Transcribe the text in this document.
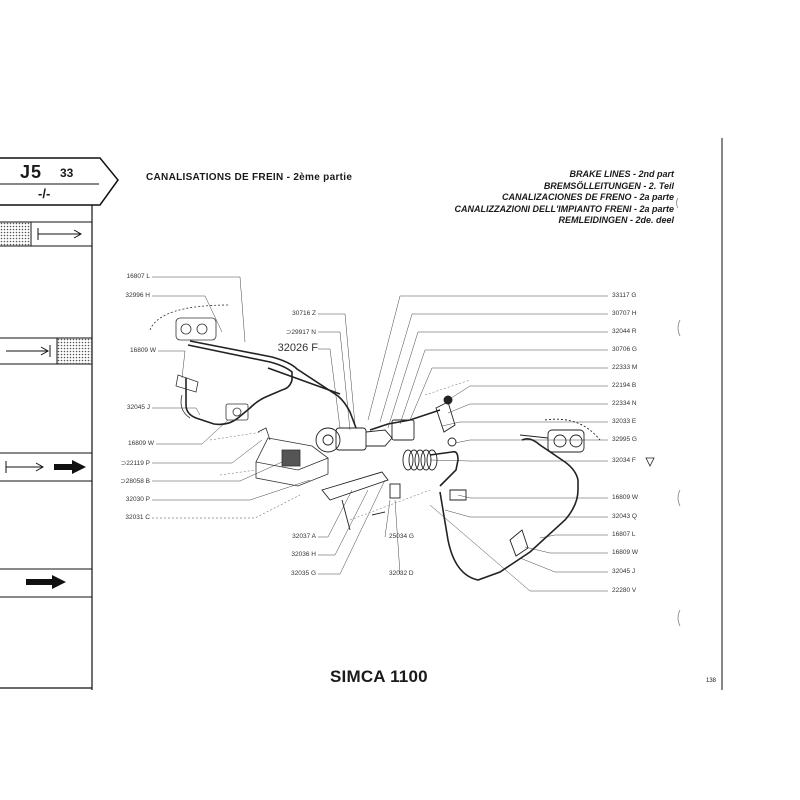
J5 33
-/-
CANALISATIONS DE FREIN - 2ème partie	BRAKE LINES - 2nd part
BREMSÖLLEITUNGEN - 2. Teil
CANALIZACIONES DE FRENO - 2a parte
CANALIZZAZIONI DELL'IMPIANTO FRENI - 2a parte
REMLEIDINGEN - 2de. deel
16807 L
32996 H
16809 W
32045 J
16809 W
⊃22119 P
⊃28058 B
32030 P
32031 C
30716 Z
⊃29917 N
32026 F
32037 A
32036 H
32035 G	32032 D
25034 G
33117 G
30707 H
32044 R
30706 G
22333 M
22194 B
22334 N
32033 E
32995 G
32034 F
16809 W
32043 Q
16807 L
16809 W
32045 J
22280 V
SIMCA 1100	138
